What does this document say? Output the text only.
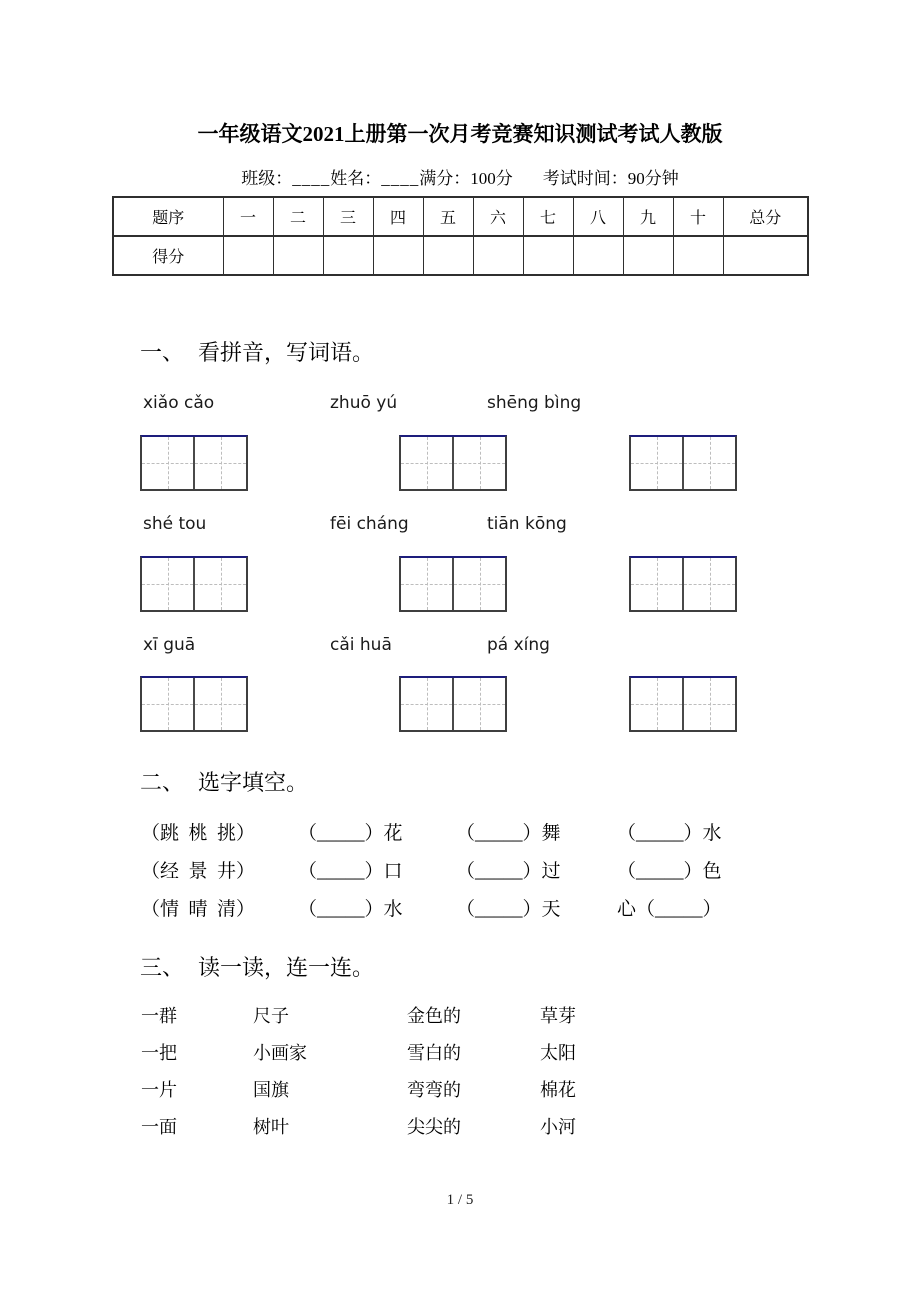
一年级语文2021上册第一次月考竞赛知识测试考试人教版
班级：____姓名：____满分：100分 考试时间：90分钟
题序	一	二	三	四	五	六	七	八	九	十	总分
得分											
一、 看拼音，写词语。
xiǎo cǎo	zhuō yú	shēng bìng
shé tou	fēi cháng	tiān kōng
xī guā	cǎi huā	pá xíng
二、 选字填空。
（跳  桃  挑）	（_____）花	（_____）舞	（_____）水
（经  景  井）	（_____）口	（_____）过	（_____）色
（情  晴  清）	（_____）水	（_____）天	心（_____）
三、 读一读，连一连。
一群	尺子	金色的	草芽
一把	小画家	雪白的	太阳
一片	国旗	弯弯的	棉花
一面	树叶	尖尖的	小河
1 / 5
